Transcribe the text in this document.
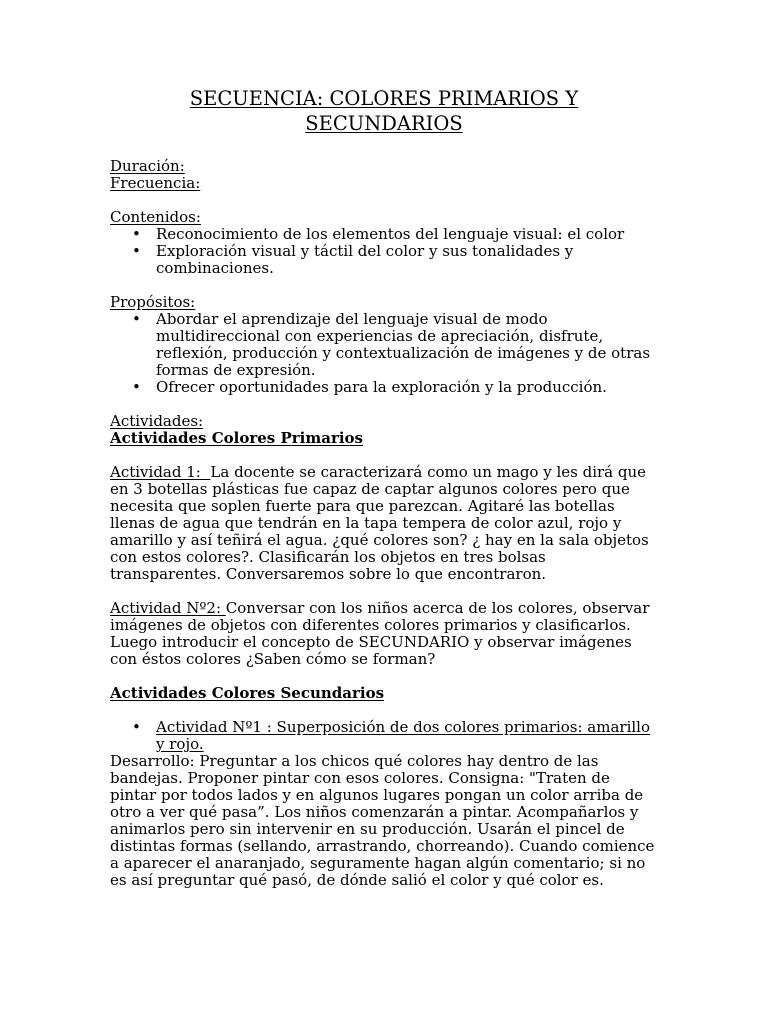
SECUENCIA: COLORES PRIMARIOS Y SECUNDARIOS

Duración:

Frecuencia:

Contenidos:

• Reconocimiento de los elementos del lenguaje visual: el color
• Exploración visual y táctil del color y sus tonalidades y combinaciones.

Propósitos:

• Abordar el aprendizaje del lenguaje visual de modo multidireccional con experiencias de apreciación, disfrute, reflexión, producción y contextualización de imágenes y de otras formas de expresión.
• Ofrecer oportunidades para la exploración y la producción.

Actividades:

Actividades Colores Primarios

Actividad 1:  La docente se caracterizará como un mago y les dirá que en 3 botellas plásticas fue capaz de captar algunos colores pero que necesita que soplen fuerte para que parezcan. Agitaré las botellas llenas de agua que tendrán en la tapa tempera de color azul, rojo y amarillo y así teñirá el agua. ¿qué colores son? ¿ hay en la sala objetos con estos colores?. Clasificarán los objetos en tres bolsas transparentes. Conversaremos sobre lo que encontraron.

Actividad Nº2: Conversar con los niños acerca de los colores, observar imágenes de objetos con diferentes colores primarios y clasificarlos. Luego introducir el concepto de SECUNDARIO y observar imágenes con éstos colores ¿Saben cómo se forman?

Actividades Colores Secundarios

• Actividad Nº1 : Superposición de dos colores primarios: amarillo y rojo.

Desarrollo: Preguntar a los chicos qué colores hay dentro de las bandejas. Proponer pintar con esos colores. Consigna: "Traten de pintar por todos lados y en algunos lugares pongan un color arriba de otro a ver qué pasa”. Los niños comenzarán a pintar. Acompañarlos y animarlos pero sin intervenir en su producción. Usarán el pincel de distintas formas (sellando, arrastrando, chorreando). Cuando comience a aparecer el anaranjado, seguramente hagan algún comentario; si no es así preguntar qué pasó, de dónde salió el color y qué color es.
